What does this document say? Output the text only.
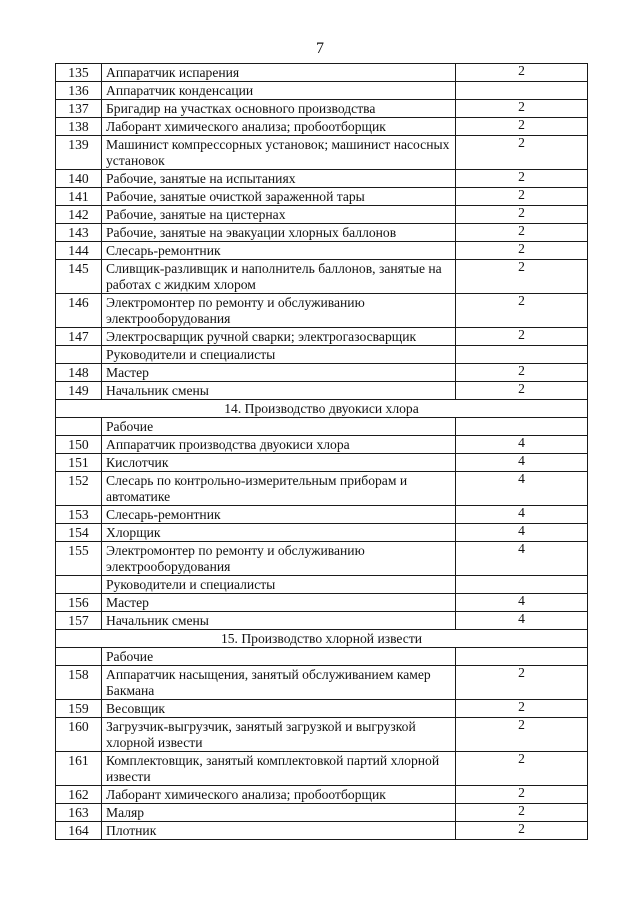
7
135	Аппаратчик испарения	2
136	Аппаратчик конденсации	
137	Бригадир на участках основного производства	2
138	Лаборант химического анализа; пробоотборщик	2
139	Машинист компрессорных установок; машинист насосных установок	2
140	Рабочие, занятые на испытаниях	2
141	Рабочие, занятые очисткой зараженной тары	2
142	Рабочие, занятые на цистернах	2
143	Рабочие, занятые на эвакуации хлорных баллонов	2
144	Слесарь-ремонтник	2
145	Сливщик-разливщик и наполнитель баллонов, занятые на работах с жидким хлором	2
146	Электромонтер по ремонту и обслуживанию электрооборудования	2
147	Электросварщик ручной сварки; электрогазосварщик	2
	Руководители и специалисты	
148	Мастер	2
149	Начальник смены	2
14. Производство двуокиси хлора		
	Рабочие	
150	Аппаратчик производства двуокиси хлора	4
151	Кислотчик	4
152	Слесарь по контрольно-измерительным приборам и автоматике	4
153	Слесарь-ремонтник	4
154	Хлорщик	4
155	Электромонтер по ремонту и обслуживанию электрооборудования	4
	Руководители и специалисты	
156	Мастер	4
157	Начальник смены	4
15. Производство хлорной извести		
	Рабочие	
158	Аппаратчик насыщения, занятый обслуживанием камер Бакмана	2
159	Весовщик	2
160	Загрузчик-выгрузчик, занятый загрузкой и выгрузкой хлорной извести	2
161	Комплектовщик, занятый комплектовкой партий хлорной извести	2
162	Лаборант химического анализа; пробоотборщик	2
163	Маляр	2
164	Плотник	2
